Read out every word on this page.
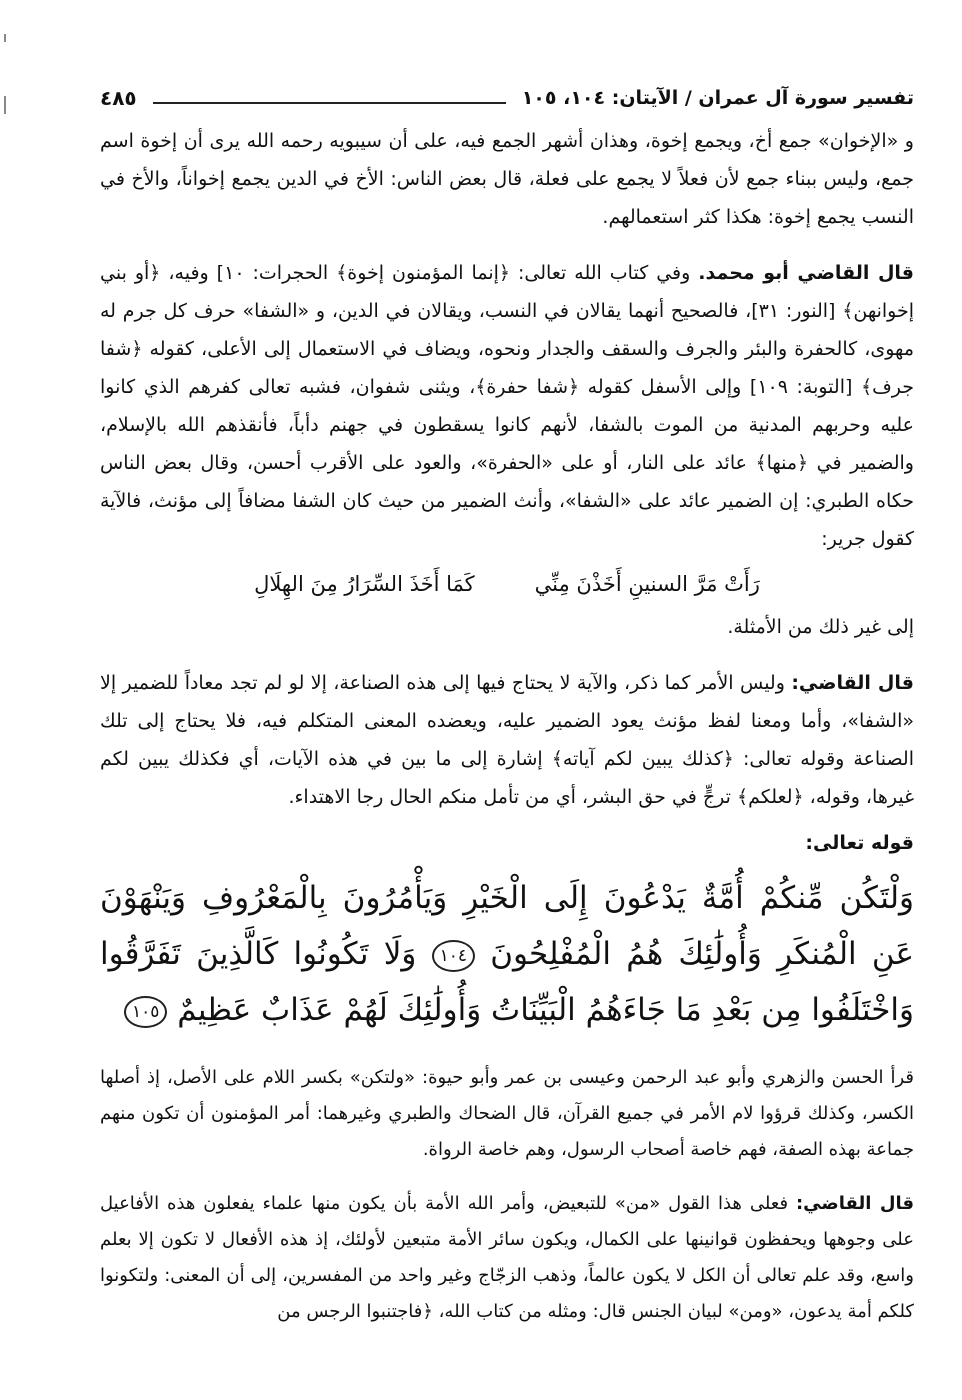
تفسير سورة آل عمران / الآيتان: ١٠٤، ١٠٥
٤٨٥

و «الإخوان» جمع أخ، ويجمع إخوة، وهذان أشهر الجمع فيه، على أن سيبويه رحمه الله يرى أن إخوة اسم جمع، وليس ببناء جمع لأن فعلاً لا يجمع على فعلة، قال بعض الناس: الأخ في الدين يجمع إخواناً، والأخ في النسب يجمع إخوة: هكذا كثر استعمالهم.

قال القاضي أبو محمد. وفي كتاب الله تعالى: ﴿إنما المؤمنون إخوة﴾ الحجرات: ١٠] وفيه، ﴿أو بني إخوانهن﴾ [النور: ٣١]، فالصحيح أنهما يقالان في النسب، ويقالان في الدين، و «الشفا» حرف كل جرم له مهوى، كالحفرة والبئر والجرف والسقف والجدار ونحوه، ويضاف في الاستعمال إلى الأعلى، كقوله ﴿شفا جرف﴾ [التوبة: ١٠٩] وإلى الأسفل كقوله ﴿شفا حفرة﴾، ويثنى شفوان، فشبه تعالى كفرهم الذي كانوا عليه وحربهم المدنية من الموت بالشفا، لأنهم كانوا يسقطون في جهنم دأباً، فأنقذهم الله بالإسلام، والضمير في ﴿منها﴾ عائد على النار، أو على «الحفرة»، والعود على الأقرب أحسن، وقال بعض الناس حكاه الطبري: إن الضمير عائد على «الشفا»، وأنث الضمير من حيث كان الشفا مضافاً إلى مؤنث، فالآية كقول جرير:

رَأَتْ مَرَّ السنينِ أَخَذْنَ مِنِّي
كَمَا أَخَذَ السِّرَارُ مِنَ الهِلَالِ

إلى غير ذلك من الأمثلة.

قال القاضي: وليس الأمر كما ذكر، والآية لا يحتاج فيها إلى هذه الصناعة، إلا لو لم تجد معاداً للضمير إلا «الشفا»، وأما ومعنا لفظ مؤنث يعود الضمير عليه، ويعضده المعنى المتكلم فيه، فلا يحتاج إلى تلك الصناعة وقوله تعالى: ﴿كذلك يبين لكم آياته﴾ إشارة إلى ما بين في هذه الآيات، أي فكذلك يبين لكم غيرها، وقوله، ﴿لعلكم﴾ ترجٍّ في حق البشر، أي من تأمل منكم الحال رجا الاهتداء.

قوله تعالى:

وَلْتَكُن مِّنكُمْ أُمَّةٌ يَدْعُونَ إِلَى الْخَيْرِ وَيَأْمُرُونَ بِالْمَعْرُوفِ وَيَنْهَوْنَ عَنِ الْمُنكَرِ وَأُولَٰئِكَ هُمُ الْمُفْلِحُونَ ١٠٤ وَلَا تَكُونُوا كَالَّذِينَ تَفَرَّقُوا وَاخْتَلَفُوا مِن بَعْدِ مَا جَاءَهُمُ الْبَيِّنَاتُ وَأُولَٰئِكَ لَهُمْ عَذَابٌ عَظِيمٌ ١٠٥

قرأ الحسن والزهري وأبو عبد الرحمن وعيسى بن عمر وأبو حيوة: «ولتكن» بكسر اللام على الأصل، إذ أصلها الكسر، وكذلك قرؤوا لام الأمر في جميع القرآن، قال الضحاك والطبري وغيرهما: أمر المؤمنون أن تكون منهم جماعة بهذه الصفة، فهم خاصة أصحاب الرسول، وهم خاصة الرواة.

قال القاضي: فعلى هذا القول «من» للتبعيض، وأمر الله الأمة بأن يكون منها علماء يفعلون هذه الأفاعيل على وجوهها ويحفظون قوانينها على الكمال، ويكون سائر الأمة متبعين لأولئك، إذ هذه الأفعال لا تكون إلا بعلم واسع، وقد علم تعالى أن الكل لا يكون عالماً، وذهب الزجّاج وغير واحد من المفسرين، إلى أن المعنى: ولتكونوا كلكم أمة يدعون، «ومن» لبيان الجنس قال: ومثله من كتاب الله، ﴿فاجتنبوا الرجس من
